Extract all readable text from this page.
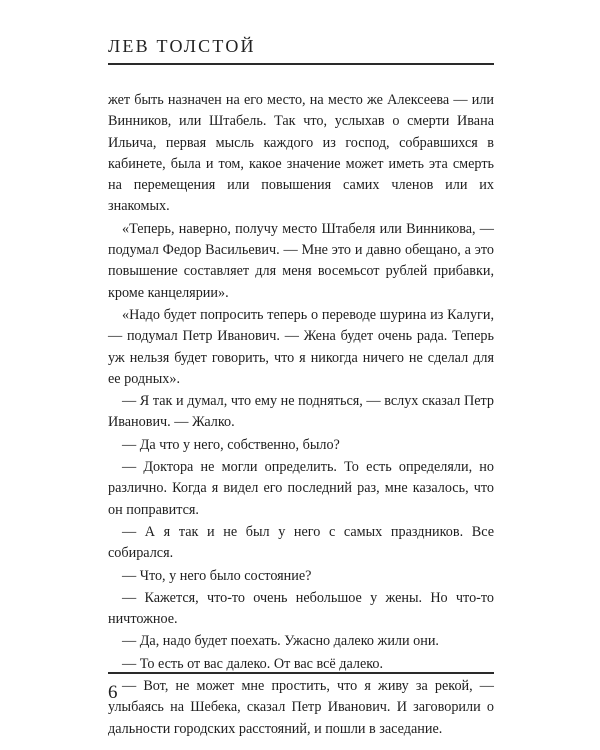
ЛЕВ ТОЛСТОЙ

жет быть назначен на его место, на место же Алексеева — или Винников, или Штабель. Так что, услыхав о смерти Ивана Ильича, первая мысль каждого из господ, собравшихся в кабинете, была и том, какое значение может иметь эта смерть на перемещения или повышения самих членов или их знакомых.

«Теперь, наверно, получу место Штабеля или Винникова, — подумал Федор Васильевич. — Мне это и давно обещано, а это повышение составляет для меня восемьсот рублей прибавки, кроме канцелярии».

«Надо будет попросить теперь о переводе шурина из Калуги, — подумал Петр Иванович. — Жена будет очень рада. Теперь уж нельзя будет говорить, что я никогда ничего не сделал для ее родных».

— Я так и думал, что ему не подняться, — вслух сказал Петр Иванович. — Жалко.

— Да что у него, собственно, было?

— Доктора не могли определить. То есть определяли, но различно. Когда я видел его последний раз, мне казалось, что он поправится.

— А я так и не был у него с самых праздников. Все собирался.

— Что, у него было состояние?

— Кажется, что-то очень небольшое у жены. Но что-то ничтожное.

— Да, надо будет поехать. Ужасно далеко жили они.

— То есть от вас далеко. От вас всё далеко.

— Вот, не может мне простить, что я живу за рекой, — улыбаясь на Шебека, сказал Петр Иванович. И заговорили о дальности городских расстояний, и пошли в заседание.

6
